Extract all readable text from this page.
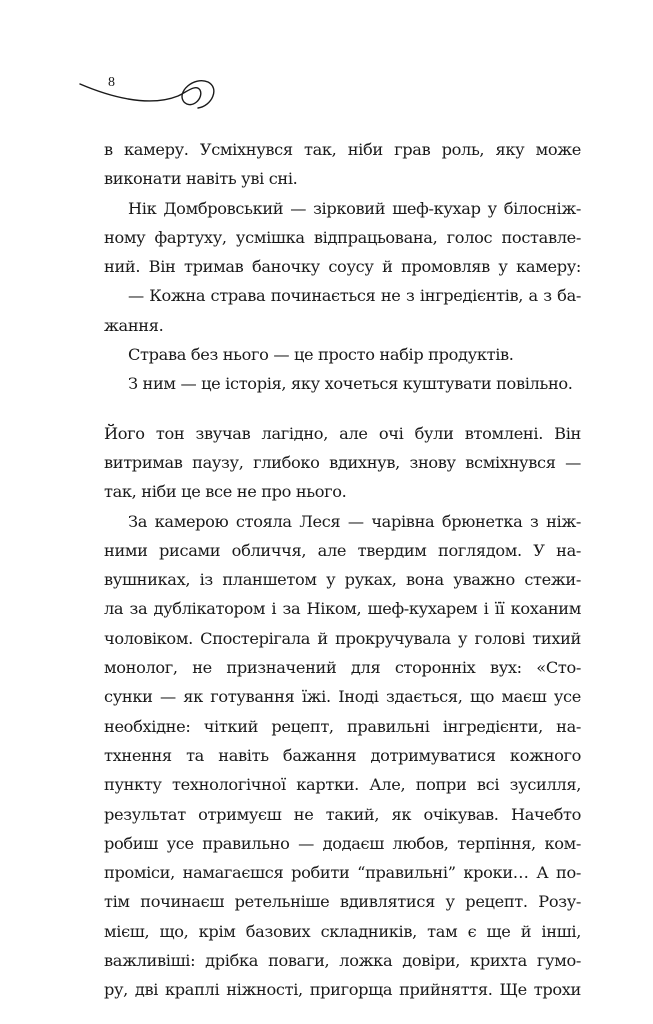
8
в камеру. Усміхнувся так, ніби грав роль, яку може
виконати навіть уві сні.
Нік Домбровський — зірковий шеф-кухар у білосніж-
ному фартуху, усмішка відпрацьована, голос поставле-
ний. Він тримав баночку соусу й промовляв у камеру:
— Кожна страва починається не з інгредієнтів, а з ба-
жання.
Страва без нього — це просто набір продуктів.
З ним — це історія, яку хочеться куштувати повільно.
Його тон звучав лагідно, але очі були втомлені. Він
витримав паузу, глибоко вдихнув, знову всміхнувся —
так, ніби це все не про нього.
За камерою стояла Леся — чарівна брюнетка з ніж-
ними рисами обличчя, але твердим поглядом. У на-
вушниках, із планшетом у руках, вона уважно стежи-
ла за дублікатором і за Ніком, шеф-кухарем і її коханим
чоловіком. Спостерігала й прокручувала у голові тихий
монолог, не призначений для сторонніх вух: «Сто-
сунки — як готування їжі. Іноді здається, що маєш усе
необхідне: чіткий рецепт, правильні інгредієнти, на-
тхнення та навіть бажання дотримуватися кожного
пункту технологічної картки. Але, попри всі зусилля,
результат отримуєш не такий, як очікував. Начебто
робиш усе правильно — додаєш любов, терпіння, ком-
проміси, намагаєшся робити “правильні” кроки… А по-
тім починаєш ретельніше вдивлятися у рецепт. Розу-
мієш, що, крім базових складників, там є ще й інші,
важливіші: дрібка поваги, ложка довіри, крихта гумо-
ру, дві краплі ніжності, пригорща прийняття. Ще трохи
